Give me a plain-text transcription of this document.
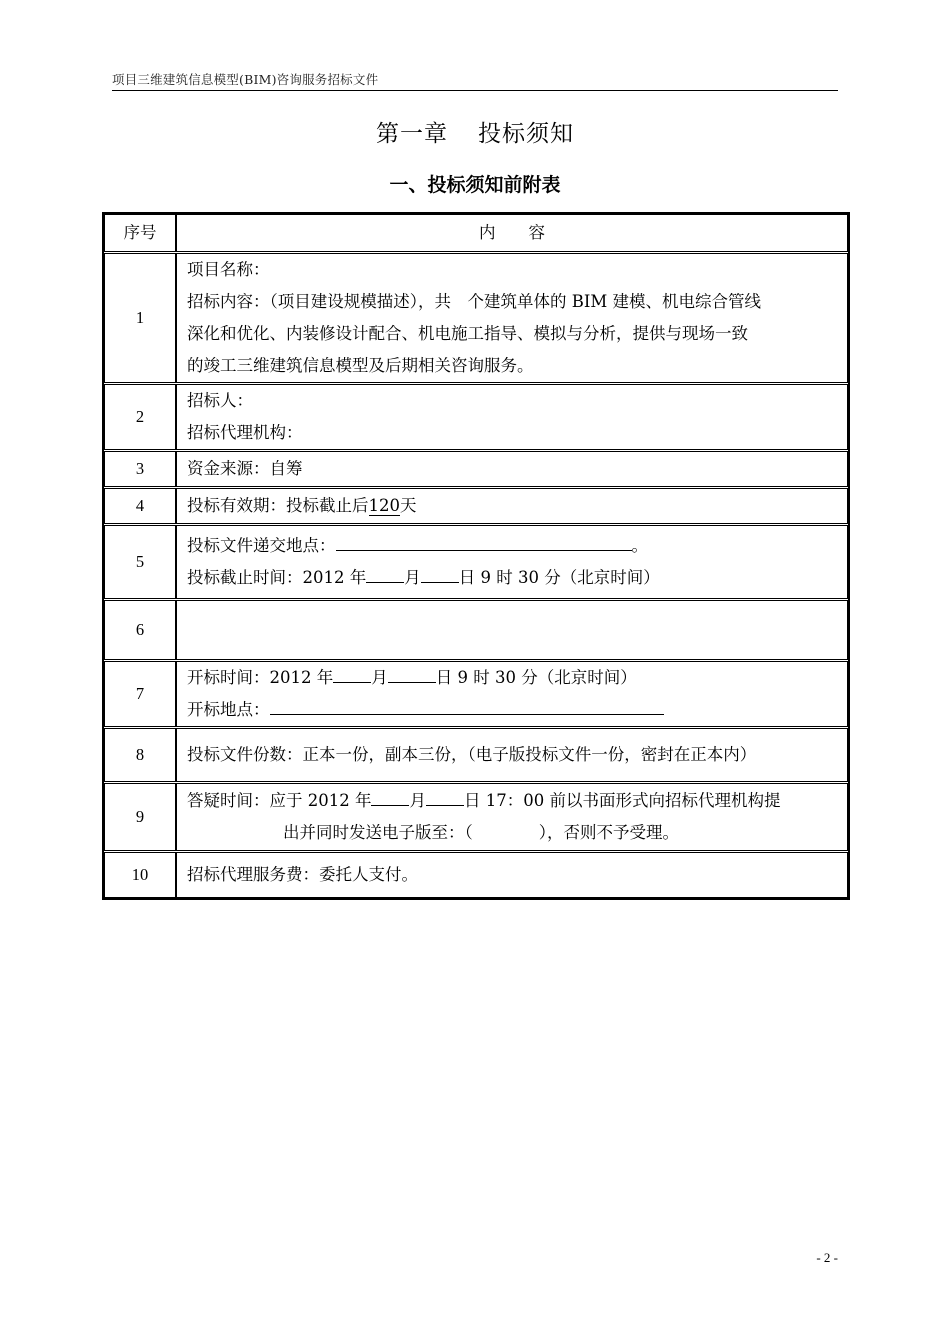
项目三维建筑信息模型(BIM)咨询服务招标文件
第一章 投标须知
一、投标须知前附表
序号	内　　容

1	项目名称：
招标内容：（项目建设规模描述），共　个建筑单体的 BIM 建模、机电综合管线
深化和优化、内装修设计配合、机电施工指导、模拟与分析，提供与现场一致
的竣工三维建筑信息模型及后期相关咨询服务。

2	招标人：
招标代理机构：

3	资金来源：自筹

4	投标有效期：投标截止后120天

5	投标文件递交地点： 。
投标截止时间：2012 年 月 日 9 时 30 分（北京时间）

6	

7	开标时间：2012 年 月 日 9 时 30 分（北京时间）
开标地点：

8	投标文件份数：正本一份，副本三份，（电子版投标文件一份，密封在正本内）

9	答疑时间：应于 2012 年 月 日 17：00 前以书面形式向招标代理机构提
出并同时发送电子版至：（　　　　），否则不予受理。

10	招标代理服务费：委托人支付。
- 2 -
